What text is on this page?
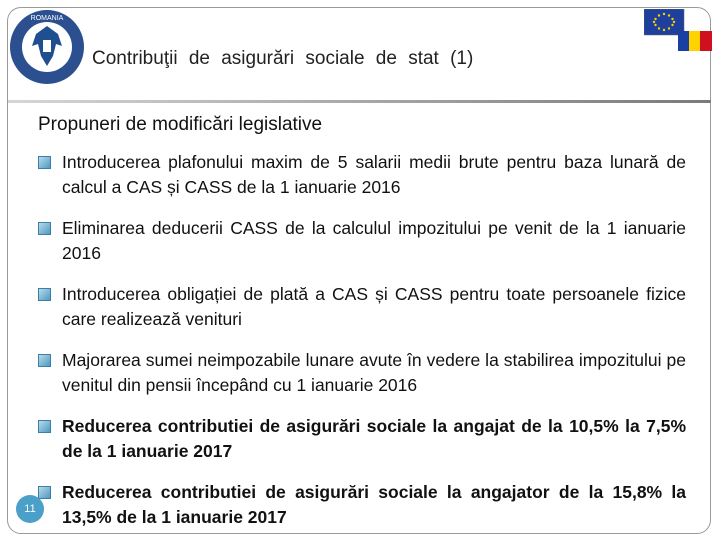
ROMANIA
Contribuţii de asigurări sociale de stat (1)
Propuneri de modificări legislative
Introducerea plafonului maxim de 5 salarii medii brute pentru baza lunară de calcul a CAS și CASS de la 1 ianuarie 2016
Eliminarea deducerii CASS de la calculul impozitului pe venit de la 1 ianuarie 2016
Introducerea obligației de plată a CAS și CASS pentru toate persoanele fizice care realizează venituri
Majorarea sumei neimpozabile lunare avute în vedere la stabilirea impozitului pe venitul din pensii începând cu 1 ianuarie 2016
Reducerea contributiei de asigurări sociale la angajat de la 10,5% la 7,5% de la 1 ianuarie 2017
Reducerea contributiei de asigurări sociale la angajator de la 15,8% la 13,5% de la 1 ianuarie 2017
11
